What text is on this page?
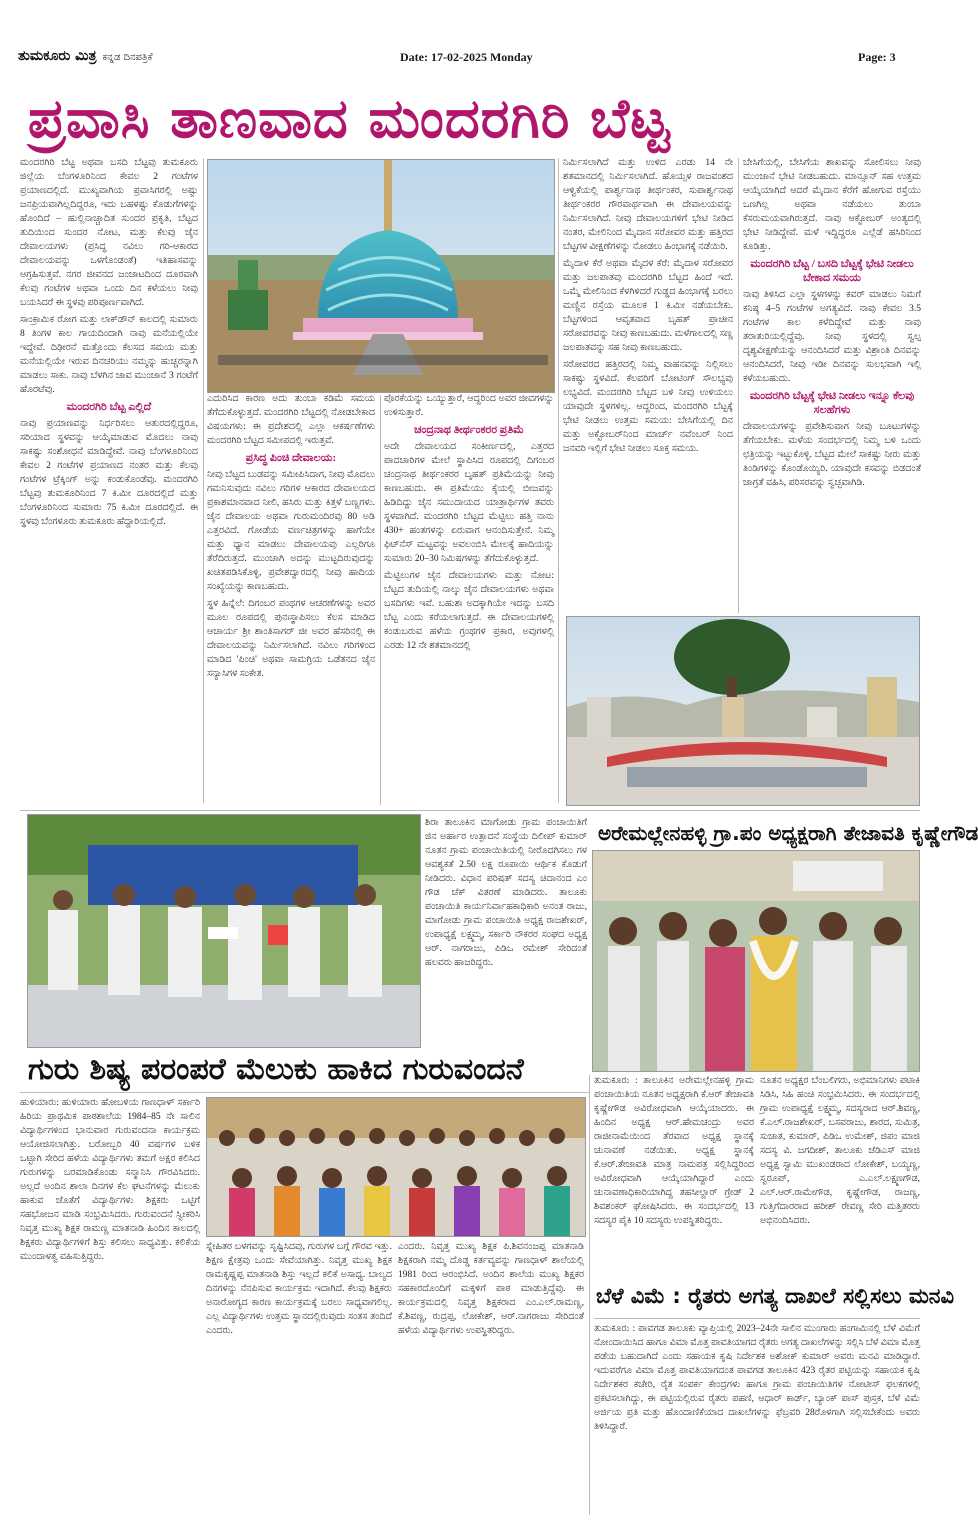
ತುಮಕೂರು ಮಿತ್ರ ಕನ್ನಡ ದಿನಪತ್ರಿಕೆ	Date: 17-02-2025 Monday	Page: 3
ಪ್ರವಾಸಿ ತಾಣವಾದ ಮಂದರಗಿರಿ ಬೆಟ್ಟ

ಮಂದರಗಿರಿ ಬೆಟ್ಟ ಅಥವಾ ಬಸದಿ ಬೆಟ್ಟವು ತುಮಕೂರು ಜಿಲ್ಲೆಯ ಬೆಂಗಳೂರಿನಿಂದ ಕೇವಲ 2 ಗಂಟೆಗಳ ಪ್ರಯಾಣದಲ್ಲಿದೆ. ಮುಖ್ಯವಾಗಿಯ ಪ್ರವಾಸಿಗರಲ್ಲಿ ಅಷ್ಟು ಜನಪ್ರಿಯವಾಗಿಲ್ಲದಿದ್ದರೂ, ಇದು ಬಹಳಷ್ಟು ಕೊಡುಗೆಗಳನ್ನು ಹೊಂದಿದೆ – ಹುಲ್ಲಿನಾಚ್ಚಾದಿತ ಸುಂದರ ಪ್ರಕೃತಿ, ಬೆಟ್ಟದ ತುದಿಯಿಂದ ಸುಂದರ ನೋಟ, ಮತ್ತು ಕೆಲವು ಜೈನ ದೇವಾಲಯಗಳು (ಪ್ರಸಿದ್ಧ ನವಿಲು ಗರಿ-ಆಕಾರದ ದೇವಾಲಯವನ್ನು ಒಳಗೊಂಡಂತೆ) ಇತಿಹಾಸವನ್ನು ಆಗ್ರಹಿಸುತ್ತವೆ. ನಗರ ಜೀವನದ ಜಂಜಾಟದಿಂದ ದೂರವಾಗಿ ಕೆಲವು ಗಂಟೆಗಳ ಅಥವಾ ಒಂದು ದಿನ ಕಳೆಯಲು ನೀವು ಬಯಸಿದರೆ ಈ ಸ್ಥಳವು ಪರಿಪೂರ್ಣವಾಗಿದೆ.

ಸಾಂಕ್ರಾಮಿಕ ರೋಗ ಮತ್ತು ಲಾಕ್‌ಡೌನ್ ಕಾಲದಲ್ಲಿ ಸುಮಾರು 8 ತಿಂಗಳ ಕಾಲ ಗಾಯದಿಂದಾಗಿ ನಾವು ಮನೆಯಲ್ಲಿಯೇ ಇದ್ದೇವೆ. ದಿಢೀರನೆ ಮತ್ತೊಂದು ಕೆಲಸದ ಸಮಯ ಮತ್ತು ಮನೆಯಲ್ಲಿಯೇ ಇರುವ ದಿನಚರಿಯು ನಮ್ಮನ್ನು ಹುಚ್ಚರನ್ನಾಗಿ ಮಾಡಲು ಸಾಕು. ನಾವು ಬೆಳಗಿನ ಜಾವ ಮುಂಜಾನೆ 3 ಗಂಟೆಗೆ ಹೊರಟೆವು.

ಮಂದರಗಿರಿ ಬೆಟ್ಟ ಎಲ್ಲಿದೆ

ನಾವು ಪ್ರಯಾಣವನ್ನು ನಿರ್ಧರಿಸಲು ಆತುರದಲ್ಲಿದ್ದರೂ, ಸರಿಯಾದ ಸ್ಥಳವನ್ನು ಆಯ್ಕೆಮಾಡುವ ಮೊದಲು ನಾವು ಸಾಕಷ್ಟು ಸಂಶೋಧನೆ ಮಾಡಿದ್ದೇವೆ. ನಾವು ಬೆಂಗಳೂರಿನಿಂದ ಕೇವಲ 2 ಗಂಟೆಗಳ ಪ್ರಯಾಣದ ನಂತರ ಮತ್ತು ಕೆಲವು ಗಂಟೆಗಳ ಟ್ರೆಕ್ಕಿಂಗ್ ಅನ್ನು ಕಂಡುಕೊಂಡೆವು. ಮಂದರಗಿರಿ ಬೆಟ್ಟವು ತುಮಕೂರಿನಿಂದ 7 ಕಿ.ಮೀ ದೂರದಲ್ಲಿದೆ ಮತ್ತು ಬೆಂಗಳೂರಿನಿಂದ ಸುಮಾರು 75 ಕಿ.ಮೀ ದೂರದಲ್ಲಿದೆ. ಈ ಸ್ಥಳವು ಬೆಂಗಳೂರು ತುಮಕೂರು ಹೆದ್ದಾರಿಯಲ್ಲಿದೆ.

ಎದುರಿಸಿದ ಕಾರಣ ಅದು ತುಂಬಾ ಕಡಿಮೆ ಸಮಯ ತೆಗೆದುಕೊಳ್ಳುತ್ತದೆ. ಮಂದರಗಿರಿ ಬೆಟ್ಟದಲ್ಲಿ ನೋಡಬೇಕಾದ ವಿಷಯಗಳು: ಈ ಪ್ರದೇಶದಲ್ಲಿ ಎಲ್ಲಾ ಆಕರ್ಷಣೆಗಳು ಮಂದರಗಿರಿ ಬೆಟ್ಟದ ಸಮೀಪದಲ್ಲಿ ಇರುತ್ತವೆ.

ಪ್ರಸಿದ್ಧ ಪಿಂಚಿ ದೇವಾಲಯ:

ನೀವು ಬೆಟ್ಟದ ಬುಡವನ್ನು ಸಮೀಪಿಸಿದಾಗ, ನೀವು ಮೊದಲು ಗಮನಿಸುವುದು ನವಿಲು ಗರಿಗಳ ಆಕಾರದ ದೇವಾಲಯದ ಪ್ರಕಾಶಮಾನವಾದ ನೀಲಿ, ಹಸಿರು ಮತ್ತು ಕಿತ್ತಳೆ ಬಣ್ಣಗಳು. ಜೈನ ದೇವಾಲಯ ಅಥವಾ ಗುರುಮಂದಿರವು 80 ಅಡಿ ಎತ್ತರವಿದೆ. ಗೋಡೆಯ ವರ್ಣಚಿತ್ರಗಳನ್ನು ಹಾಗೆಯೇ ಮತ್ತು ಧ್ಯಾನ ಮಾಡಲು ದೇವಾಲಯವು ಎಲ್ಲರಿಗೂ ತೆರೆದಿರುತ್ತದೆ. ಮುಂಚಾಗಿ ಅದನ್ನು ಮುಟ್ಟದಿರುವುದನ್ನು ಖಚಿತಪಡಿಸಿಕೊಳ್ಳಿ, ಪ್ರವೇಶದ್ವಾರದಲ್ಲಿ ನೀವು ಹಾದಿಯ ಸಂಖ್ಯೆಯನ್ನು ಕಾಣಬಹುದು.

ಸ್ಥಳ ಹಿನ್ನೆಲೆ: ದಿಗಂಬರ ಪಂಥಗಳ ಆಚರಣೆಗಳನ್ನು ಅವರ ಮೂಲ ರೂಪದಲ್ಲಿ ಪುನಃಸ್ಥಾಪಿಸಲು ಕೆಲಸ ಮಾಡಿದ ಆಚಾರ್ಯ ಶ್ರೀ ಶಾಂತಿಸಾಗರ್ ಜೀ ಅವರ ಹೆಸರಿನಲ್ಲಿ ಈ ದೇವಾಲಯವನ್ನು ನಿರ್ಮಿಸಲಾಗಿದೆ. ನವಿಲು ಗರಿಗಳಿಂದ ಮಾಡಿದ 'ಪಿಂಚಿ' ಅಥವಾ ಸಾಮಗ್ರಿಯ ಒಡೆತನದ ಜೈನ ಸನ್ಯಾಸಿಗಳ ಸಂಕೇತ.

ಪೊರಕೆಯನ್ನು ಒಯ್ಯುತ್ತಾರೆ, ಆದ್ದರಿಂದ ಅವರ ಜೀವಗಳನ್ನು ಉಳಿಸುತ್ತಾರೆ.

ಚಂದ್ರನಾಥ ತೀರ್ಥಂಕರರ ಪ್ರತಿಮೆ

ಅದೇ ದೇವಾಲಯದ ಸಂಕೀರ್ಣದಲ್ಲಿ, ಎತ್ತರದ ಪಾದಚಾರಿಗಳ ಮೇಲೆ ಸ್ಥಾಪಿಸಿದ ರೂಪದಲ್ಲಿ ದಿಗಂಬರ ಚಂದ್ರನಾಥ ತೀರ್ಥಂಕರರ ಬೃಹತ್ ಪ್ರತಿಮೆಯನ್ನು ನೀವು ಕಾಣಬಹುದು. ಈ ಪ್ರತಿಮೆಯು ಕೈಯಲ್ಲಿ ಬೀಜವನ್ನು ಹಿಡಿದಿದ್ದು ಜೈನ ಸಮುದಾಯದ ಯಾತ್ರಾರ್ಥಿಗಳ ತವರು ಸ್ಥಳವಾಗಿದೆ. ಮಂದರಗಿರಿ ಬೆಟ್ಟದ ಮೆಟ್ಟಿಲು ಹತ್ತಿ ನಾನು 430+ ಹಂತಗಳನ್ನು ಏರುವಾಗ ಆನಂದಿಸುತ್ತೇನೆ. ನಿಮ್ಮ ಫಿಟ್‌ನೆಸ್ ಮಟ್ಟವನ್ನು ಅವಲಂಬಿಸಿ ಮೇಲಕ್ಕೆ ಹಾದಿಯನ್ನು ಸುಮಾರು 20–30 ನಿಮಿಷಗಳನ್ನು ತೆಗೆದುಕೊಳ್ಳುತ್ತದೆ.

ಮೆಟ್ಟಿಲುಗಳ ಜೈನ ದೇವಾಲಯಗಳು ಮತ್ತು ನೋಟ: ಬೆಟ್ಟದ ತುದಿಯಲ್ಲಿ ನಾಲ್ಕು ಜೈನ ದೇವಾಲಯಗಳು ಅಥವಾ ಬಸದಿಗಳು ಇವೆ. ಬಹುಶಃ ಅದಕ್ಕಾಗಿಯೇ ಇದನ್ನು ಬಸದಿ ಬೆಟ್ಟ ಎಂದು ಕರೆಯಲಾಗುತ್ತದೆ. ಈ ದೇವಾಲಯಗಳಲ್ಲಿ ಕಂಡುಬರುವ ಹಳೆಯ ಗ್ರಂಥಗಳ ಪ್ರಕಾರ, ಅವುಗಳಲ್ಲಿ ಎರಡು 12 ನೇ ಶತಮಾನದಲ್ಲಿ

ನಿರ್ಮಿಸಲಾಗಿದೆ ಮತ್ತು ಉಳಿದ ಎರಡು 14 ನೇ ಶತಮಾನದಲ್ಲಿ ನಿರ್ಮಿಸಲಾಗಿದೆ. ಹೊಯ್ಸಳ ರಾಜವಂಶದ ಆಳ್ವಿಕೆಯಲ್ಲಿ ಪಾರ್ಶ್ವನಾಥ ತೀರ್ಥಂಕರ, ಸುಪಾರ್ಶ್ವನಾಥ ತೀರ್ಥಂಕರರ ಗೌರವಾರ್ಥವಾಗಿ ಈ ದೇವಾಲಯವನ್ನು ನಿರ್ಮಿಸಲಾಗಿದೆ. ನೀವು ದೇವಾಲಯಗಳಿಗೆ ಭೇಟಿ ನೀಡಿದ ನಂತರ, ಮೇಲಿನಿಂದ ಮೈದಾನ ಸರೋವರ ಮತ್ತು ಹತ್ತಿರದ ಬೆಟ್ಟಗಳ ವೀಕ್ಷಣೆಗಳನ್ನು ನೋಡಲು ಹಿಂಭಾಗಕ್ಕೆ ನಡೆಯಿರಿ.

ಮೈದಾಳ ಕೆರೆ ಅಥವಾ ಮೈದಳ ಕೆರೆ: ಮೈದಾಳ ಸರೋವರ ಮತ್ತು ಜಲಪಾತವು ಮಂದರಗಿರಿ ಬೆಟ್ಟದ ಹಿಂದೆ ಇದೆ. ಒಮ್ಮೆ ಮೇಲಿನಿಂದ ಕೆಳಗಿಳಿದರೆ ಗುಡ್ಡದ ಹಿಂಭಾಗಕ್ಕೆ ಬರಲು ಮಣ್ಣಿನ ರಸ್ತೆಯ ಮೂಲಕ 1 ಕಿ.ಮೀ ನಡೆಯಬೇಕು. ಬೆಟ್ಟಗಳಿಂದ ಆವೃತವಾದ ಬೃಹತ್ ಪ್ರಾಚೀನ ಸರೋವರವನ್ನು ನೀವು ಕಾಣಬಹುದು. ಮಳೆಗಾಲದಲ್ಲಿ ಸಣ್ಣ ಜಲಪಾತವನ್ನು ಸಹ ನೀವು ಕಾಣಬಹುದು.

ಸರೋವರದ ಹತ್ತಿರದಲ್ಲಿ ನಿಮ್ಮ ವಾಹನವನ್ನು ನಿಲ್ಲಿಸಲು ಸಾಕಷ್ಟು ಸ್ಥಳವಿದೆ. ಕೆಲವರಿಗೆ ಬೋಟಿಂಗ್ ಸೌಲಭ್ಯವು ಲಭ್ಯವಿದೆ. ಮಂದರಗಿರಿ ಬೆಟ್ಟದ ಬಳಿ ನೀವು ಉಳಿಯಲು ಯಾವುದೇ ಸ್ಥಳಗಳಿಲ್ಲ. ಆದ್ದರಿಂದ, ಮಂದರಗಿರಿ ಬೆಟ್ಟಕ್ಕೆ ಭೇಟಿ ನೀಡಲು ಉತ್ತಮ ಸಮಯ: ಬೇಸಿಗೆಯಲ್ಲಿ ದಿನ ಮತ್ತು ಅಕ್ಟೋಬರ್‌ನಿಂದ ಮಾರ್ಚ್ ನವೆಂಬರ್ ನಿಂದ ಜನವರಿ ಇಲ್ಲಿಗೆ ಭೇಟಿ ನೀಡಲು ಸೂಕ್ತ ಸಮಯ.

ಬೇಸಿಗೆಯಲ್ಲಿ, ಬೇಸಿಗೆಯ ಶಾಖವನ್ನು ಸೋಲಿಸಲು ನೀವು ಮುಂಜಾನೆ ಭೇಟಿ ನೀಡಬಹುದು. ಮಾನ್ಸೂನ್ ಸಹ ಉತ್ತಮ ಆಯ್ಕೆಯಾಗಿದೆ ಆದರೆ ಮೈದಾನ ಕೆರೆಗೆ ಹೋಗುವ ರಸ್ತೆಯು ಒಣಗಿಲ್ಲ ಅಥವಾ ನಡೆಯಲು ತುಂಬಾ ಕೆಸರುಮಯವಾಗಿರುತ್ತದೆ. ನಾವು ಆಕ್ಟೋಬರ್ ಅಂತ್ಯದಲ್ಲಿ ಭೇಟಿ ನೀಡಿದ್ದೇವೆ. ಮಳೆ ಇದ್ದಿದ್ದರೂ ಎಲ್ಲೆಡೆ ಹಸಿರಿನಿಂದ ಕೂಡಿತ್ತು.

ಮಂದರಗಿರಿ ಬೆಟ್ಟ / ಬಸದಿ ಬೆಟ್ಟಕ್ಕೆ ಭೇಟಿ ನೀಡಲು ಬೇಕಾದ ಸಮಯ

ನಾವು ತಿಳಿಸಿದ ಎಲ್ಲಾ ಸ್ಥಳಗಳನ್ನು ಕವರ್ ಮಾಡಲು ನಿಮಗೆ ಕನಿಷ್ಠ 4–5 ಗಂಟೆಗಳ ಅಗತ್ಯವಿದೆ. ನಾವು ಕೇವಲ 3.5 ಗಂಟೆಗಳ ಕಾಲ ಕಳೆದಿದ್ದೇವೆ ಮತ್ತು ನಾವು ತರಾತುರಿಯಲ್ಲಿದ್ದೆವು. ನೀವು ಸ್ಥಳದಲ್ಲಿ ಸ್ವಲ್ಪ ದೃಶ್ಯವೀಕ್ಷಣೆಯನ್ನು ಆನಂದಿಸಿದರೆ ಮತ್ತು ವಿಶ್ರಾಂತಿ ದಿನವನ್ನು ಆನಂದಿಸಿದರೆ, ನೀವು ಇಡೀ ದಿನವನ್ನು ಸುಲಭವಾಗಿ ಇಲ್ಲಿ ಕಳೆಯಬಹುದು.

ಮಂದರಗಿರಿ ಬೆಟ್ಟಕ್ಕೆ ಭೇಟಿ ನೀಡಲು ಇನ್ನೂ ಕೆಲವು ಸಲಹೆಗಳು

ದೇವಾಲಯಗಳನ್ನು ಪ್ರವೇಶಿಸುವಾಗ ನೀವು ಬೂಟುಗಳನ್ನು ತೆಗೆಯಬೇಕು. ಮಳೆಯ ಸಂದರ್ಭದಲ್ಲಿ ನಿಮ್ಮ ಬಳಿ ಒಂದು ಛತ್ರಿಯನ್ನು ಇಟ್ಟುಕೊಳ್ಳಿ. ಬೆಟ್ಟದ ಮೇಲೆ ಸಾಕಷ್ಟು ನೀರು ಮತ್ತು ತಿಂಡಿಗಳನ್ನು ಕೊಂಡೊಯ್ಯಿರಿ. ಯಾವುದೇ ಕಸವನ್ನು ಬಿಡದಂತೆ ಜಾಗ್ರತೆ ವಹಿಸಿ, ಪರಿಸರವನ್ನು ಸ್ವಚ್ಛವಾಗಿಡಿ.

ಶಿರಾ ತಾಲೂಕಿನ ಮಾಗೋಡು ಗ್ರಾಮ ಪಂಚಾಯಿತಿಗೆ ಜಿನ ಅರ್ಹಾರ ಉತ್ಪಾದನೆ ಸಂಸ್ಥೆಯ ದಿಲೀಪ್ ಕುಮಾರ್ ನೂತನ ಗ್ರಾಮ ಪಂಚಾಯಿತಿಯಲ್ಲಿ ನೀರೊದಗಿಸಲು ಗಳ ಆವಶ್ಯಕತೆ 2.50 ಲಕ್ಷ ರೂಪಾಯಿ ಆರ್ಥಿಕ ಕೊಡುಗೆ ನೀಡಿದರು. ವಿಧಾನ ಪರಿಷತ್ ಸದಸ್ಯ ಚಿದಾನಂದ ಎಂ ಗೌಡ ಚೆಕ್ ವಿತರಣೆ ಮಾಡಿದರು. ತಾಲೂಕು ಪಂಚಾಯಿತಿ ಕಾರ್ಯನಿರ್ವಾಹಕಾಧಿಕಾರಿ ಅನಂತ ರಾಜು, ಮಾಗೋಡು ಗ್ರಾಮ ಪಂಚಾಯಿತಿ ಅಧ್ಯಕ್ಷ ರಾಜಶೇಖರ್, ಉಪಾಧ್ಯಕ್ಷೆ ಲಕ್ಷ್ಮಮ್ಮ, ಸರ್ಕಾರಿ ನೌಕರರ ಸಂಘದ ಅಧ್ಯಕ್ಷ ಆರ್. ನಾಗರಾಜು, ಪಿಡಿಒ ರಮೇಶ್ ಸೇರಿದಂತೆ ಹಲವರು ಹಾಜರಿದ್ದರು.

ಅರೇಮಲ್ಲೇನಹಳ್ಳಿ ಗ್ರಾ.ಪಂ ಅಧ್ಯಕ್ಷರಾಗಿ ತೇಜಾವತಿ ಕೃಷ್ಣೇಗೌಡ
ಗುರು ಶಿಷ್ಯ ಪರಂಪರೆ ಮೆಲುಕು ಹಾಕಿದ ಗುರುವಂದನೆ

ಹುಳಿಯಾರು: ಹುಳಿಯಾರು ಹೋಬಳಿಯ ಗಾಣಧಾಳ್ ಸರ್ಕಾರಿ ಹಿರಿಯ ಪ್ರಾಥಮಿಕ ಪಾಠಶಾಲೆಯ 1984–85 ನೇ ಸಾಲಿನ ವಿದ್ಯಾರ್ಥಿಗಳಿಂದ ಭಾನುವಾರ ಗುರುವಂದನಾ ಕಾರ್ಯಕ್ರಮ ಆಯೋಜಿಸಲಾಗಿತ್ತು. ಬರೋಬ್ಬರಿ 40 ವರ್ಷಗಳ ಬಳಿಕ ಒಟ್ಟಾಗಿ ಸೇರಿದ ಹಳೆಯ ವಿದ್ಯಾರ್ಥಿಗಳು ತಮಗೆ ಅಕ್ಷರ ಕಲಿಸಿದ ಗುರುಗಳನ್ನು ಬರಮಾಡಿಕೊಂಡು ಸನ್ಮಾನಿಸಿ ಗೌರವಿಸಿದರು. ಅಲ್ಲದೆ ಅಂದಿನ ಶಾಲಾ ದಿನಗಳ ಕೆಲ ಘಟನೆಗಳನ್ನು ಮೆಲುಕು ಹಾಕುವ ಜೊತೆಗೆ ವಿದ್ಯಾರ್ಥಿಗಳು ಶಿಕ್ಷಕರು ಒಟ್ಟಿಗೆ ಸಹಭೋಜನ ಮಾಡಿ ಸಂಭ್ರಮಿಸಿದರು. ಗುರುವಂದನೆ ಸ್ವೀಕರಿಸಿ ನಿವೃತ್ತ ಮುಖ್ಯ ಶಿಕ್ಷಕ ರಾಮಣ್ಣ ಮಾತನಾಡಿ ಹಿಂದಿನ ಕಾಲದಲ್ಲಿ ಶಿಕ್ಷಕರು ವಿದ್ಯಾರ್ಥಿಗಳಿಗೆ ಶಿಸ್ತು ಕಲಿಸಲು ಸಾಧ್ಯವಿತ್ತು. ಕಲಿಕೆಯ ಮುಂದಾಳತ್ವ ವಹಿಸುತ್ತಿದ್ದರು.

ಸ್ನೇಹಿತರ ಬಳಗವನ್ನು ಸೃಷ್ಟಿಸಿದವು, ಗುರುಗಳ ಬಗ್ಗೆ ಗೌರವ ಇತ್ತು. ಶಿಕ್ಷಣ ಕ್ಷೇತ್ರವು ಒಂದು ಸೇವೆಯಾಗಿತ್ತು. ನಿವೃತ್ತ ಮುಖ್ಯ ಶಿಕ್ಷಕ ರಾಮಕೃಷ್ಣಪ್ಪ ಮಾತನಾಡಿ ಶಿಸ್ತು ಇಲ್ಲದೆ ಕಲಿಕೆ ಅಸಾಧ್ಯ. ಬಾಲ್ಯದ ದಿನಗಳನ್ನು ನೆನಪಿಸುವ ಕಾರ್ಯಕ್ರಮ ಇದಾಗಿದೆ. ಕೆಲವು ಶಿಕ್ಷಕರು ಅನಾರೋಗ್ಯದ ಕಾರಣ ಕಾರ್ಯಕ್ರಮಕ್ಕೆ ಬರಲು ಸಾಧ್ಯವಾಗಲಿಲ್ಲ. ಎಲ್ಲ ವಿದ್ಯಾರ್ಥಿಗಳು ಉತ್ತಮ ಸ್ಥಾನದಲ್ಲಿರುವುದು ಸಂತಸ ತಂದಿದೆ ಎಂದರು.

ಎಂದರು. ನಿವೃತ್ತ ಮುಖ್ಯ ಶಿಕ್ಷಕ ಪಿ.ಶಿವನಂಜಪ್ಪ ಮಾತನಾಡಿ ಶಿಕ್ಷಕರಾಗಿ ನಮ್ಮ ದೊಡ್ಡ ಕರ್ತವ್ಯವನ್ನು ಗಾಣಧಾಳ್ ಶಾಲೆಯಲ್ಲಿ 1981 ರಿಂದ ಆರಂಭಿಸಿದೆ. ಅಂದಿನ ಶಾಲೆಯ ಮುಖ್ಯ ಶಿಕ್ಷಕರ ಸಹಕಾರದೊಂದಿಗೆ ಮಕ್ಕಳಿಗೆ ಪಾಠ ಮಾಡುತ್ತಿದ್ದೆವು. ಈ ಕಾರ್ಯಕ್ರಮದಲ್ಲಿ ನಿವೃತ್ತ ಶಿಕ್ಷಕರಾದ ಎಂ.ಎಲ್.ರಾಮಣ್ಣ, ಕೆ.ಶಿವಣ್ಣ, ರುದ್ರಪ್ಪ, ಲೋಕೇಶ್, ಆರ್.ನಾಗರಾಜು ಸೇರಿದಂತೆ ಹಳೆಯ ವಿದ್ಯಾರ್ಥಿಗಳು ಉಪಸ್ಥಿತರಿದ್ದರು.

ತುಮಕೂರು : ತಾಲೂಕಿನ ಅರೇಮಲ್ಲೇನಹಳ್ಳಿ ಗ್ರಾಮ ಪಂಚಾಯಿತಿಯ ನೂತನ ಅಧ್ಯಕ್ಷರಾಗಿ ಕೆ.ಆರ್ ತೇಜಾವತಿ ಕೃಷ್ಣೇಗೌಡ ಅವಿರೋಧವಾಗಿ ಆಯ್ಕೆಯಾದರು. ಈ ಹಿಂದಿನ ಅಧ್ಯಕ್ಷ ಆರ್.ಹೇಮಚಂದ್ರು ಅವರ ರಾಜೀನಾಮೆಯಿಂದ ತೆರವಾದ ಅಧ್ಯಕ್ಷ ಸ್ಥಾನಕ್ಕೆ ಚುನಾವಣೆ ನಡೆಯಿತು. ಅಧ್ಯಕ್ಷ ಸ್ಥಾನಕ್ಕೆ ಕೆ.ಆರ್.ತೇಜಾವತಿ ಮಾತ್ರ ನಾಮಪತ್ರ ಸಲ್ಲಿಸಿದ್ದರಿಂದ ಅವಿರೋಧವಾಗಿ ಆಯ್ಕೆಯಾಗಿದ್ದಾರೆ ಎಂದು ಚುನಾವಣಾಧಿಕಾರಿಯಾಗಿದ್ದ ತಹಸೀಲ್ದಾರ್ ಗ್ರೇಡ್ 2 ಶಿವಶಂಕರ್ ಘೋಷಿಸಿದರು. ಈ ಸಂದರ್ಭದಲ್ಲಿ 13 ಸದಸ್ಯರ ಪೈಕಿ 10 ಸದಸ್ಯರು ಉಪಸ್ಥಿತರಿದ್ದರು.

ನೂತನ ಅಧ್ಯಕ್ಷರ ಬೆಂಬಲಿಗರು, ಅಭಿಮಾನಿಗಳು ಪಟಾಕಿ ಸಿಡಿಸಿ, ಸಿಹಿ ಹಂಚಿ ಸಂಭ್ರಮಿಸಿದರು. ಈ ಸಂದರ್ಭದಲ್ಲಿ ಗ್ರಾಮ ಉಪಾಧ್ಯಕ್ಷೆ ಲಕ್ಷ್ಮಮ್ಮ, ಸದಸ್ಯರಾದ ಆರ್.ಶಿವಣ್ಣ, ಕೆ.ಎಲ್.ರಾಜಶೇಖರ್, ಬಸವರಾಜು, ಶಾರದ, ಸುಮಿತ್ರ, ಸುಜಾತ, ಕುಮಾರ್, ಪಿಡಿಒ ಉಮೇಶ್, ಜಿಪಂ ಮಾಜಿ ಸದಸ್ಯ ವಿ. ಜಗದೀಶ್, ತಾಲೂಕು ಜೆಡಿಎಸ್ ಮಾಜಿ ಅಧ್ಯಕ್ಷ ಸ್ವಾಮಿ ಮುಖಂಡರಾದ ಲೋಕೇಶ್, ಬಯ್ಯಣ್ಣ, ಸ್ವರೂಪ್, ಎ.ಎಲ್.ಲಕ್ಷ್ಮಣಗೌಡ, ಎಲ್.ಆರ್.ರಾಮೇಗೌಡ, ಕೃಷ್ಣೇಗೌಡ, ರಾಜಣ್ಣ, ಗುತ್ತಿಗೆದಾರರಾದ ಹರೀಶ್ ರೇವಣ್ಣ ಸೇರಿ ಮತ್ತಿತರರು ಅಭಿನಂದಿಸಿದರು.

ಬೆಳೆ ವಿಮೆ : ರೈತರು ಅಗತ್ಯ ದಾಖಲೆ ಸಲ್ಲಿಸಲು ಮನವಿ

ತುಮಕೂರು : ಪಾವಗಡ ತಾಲೂಕು ವ್ಯಾಪ್ತಿಯಲ್ಲಿ 2023–24ನೇ ಸಾಲಿನ ಮುಂಗಾರು ಹಂಗಾಮಿನಲ್ಲಿ ಬೆಳೆ ವಿಮೆಗೆ ನೋಂದಾಯಿಸಿದ ಹಾಗೂ ವಿಮಾ ಮೊತ್ತ ಪಾವತಿಯಾಗದ ರೈತರು ಅಗತ್ಯ ದಾಖಲೆಗಳನ್ನು ಸಲ್ಲಿಸಿ ಬೆಳೆ ವಿಮಾ ಮೊತ್ತ ಪಡೆಯ ಬಹುದಾಗಿದೆ ಎಂದು ಸಹಾಯಕ ಕೃಷಿ ನಿರ್ದೇಶಕ ಅಶೋಕ್ ಕುಮಾರ್ ಅವರು ಮನವಿ ಮಾಡಿದ್ದಾರೆ. ಇದುವರೆಗೂ ವಿಮಾ ಮೊತ್ತ ಪಾವತಿಯಾಗದಂತ ಪಾವಗಡ ತಾಲೂಕಿನ 423 ರೈತರ ಪಟ್ಟಿಯನ್ನು ಸಹಾಯಕ ಕೃಷಿ ನಿರ್ದೇಶಕರ ಕಚೇರಿ, ರೈತ ಸಂಪರ್ಕ ಕೇಂದ್ರಗಳು ಹಾಗೂ ಗ್ರಾಮ ಪಂಚಾಯಿತಿಗಳ ನೋಟೀಸ್ ಫಲಕಗಳಲ್ಲಿ ಪ್ರಕಟಿಸಲಾಗಿದ್ದು, ಈ ಪಟ್ಟಿಯಲ್ಲಿರುವ ರೈತರು ಪಹಣಿ, ಆಧಾರ್ ಕಾರ್ಡ್, ಬ್ಯಾಂಕ್ ಪಾಸ್ ಪುಸ್ತಕ, ಬೆಳೆ ವಿಮೆ ಅರ್ಜಿಯ ಪ್ರತಿ ಮತ್ತು ಹೊಂದಾಣಿಕೆಯಾದ ದಾಖಲೆಗಳನ್ನು ಫೆಬ್ರವರಿ 28ರೊಳಗಾಗಿ ಸಲ್ಲಿಸಬೇಕೆಂದು ಅವರು ತಿಳಿಸಿದ್ದಾರೆ.
